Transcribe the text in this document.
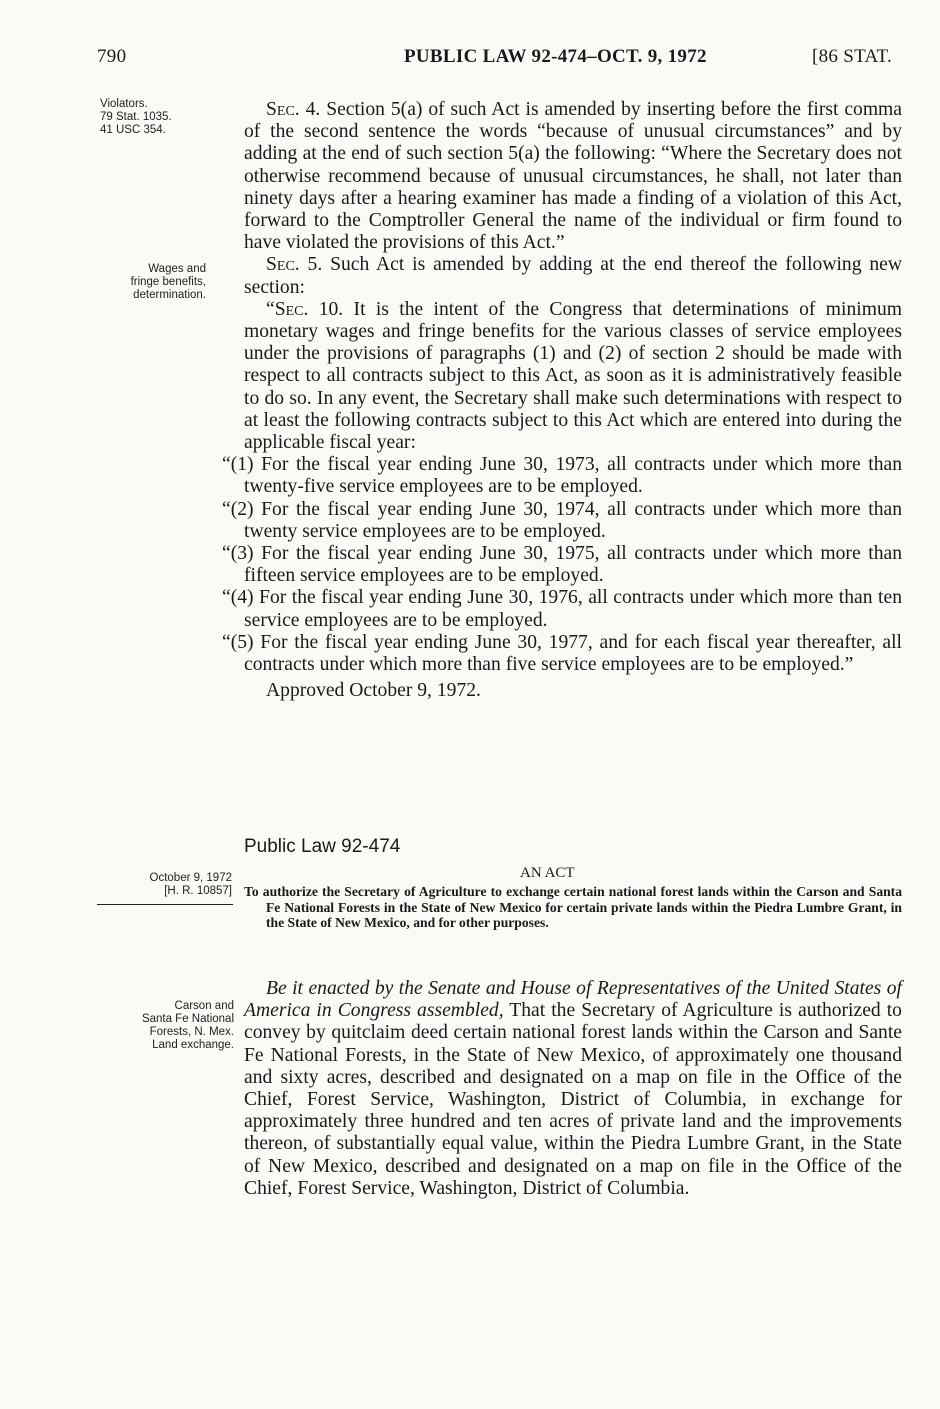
790	PUBLIC LAW 92-474–OCT. 9, 1972	[86 STAT.
Violators.
79 Stat. 1035.
41 USC 354.
Wages and
fringe benefits,
determination.

Sec. 4. Section 5(a) of such Act is amended by inserting before the first comma of the second sentence the words “because of unusual circumstances” and by adding at the end of such section 5(a) the following: “Where the Secretary does not otherwise recommend because of unusual circumstances, he shall, not later than ninety days after a hearing examiner has made a finding of a violation of this Act, forward to the Comptroller General the name of the individual or firm found to have violated the provisions of this Act.”

Sec. 5. Such Act is amended by adding at the end thereof the following new section:

“Sec. 10. It is the intent of the Congress that determinations of minimum monetary wages and fringe benefits for the various classes of service employees under the provisions of paragraphs (1) and (2) of section 2 should be made with respect to all contracts subject to this Act, as soon as it is administratively feasible to do so. In any event, the Secretary shall make such determinations with respect to at least the following contracts subject to this Act which are entered into during the applicable fiscal year:

“(1) For the fiscal year ending June 30, 1973, all contracts under which more than twenty-five service employees are to be employed.

“(2) For the fiscal year ending June 30, 1974, all contracts under which more than twenty service employees are to be employed.

“(3) For the fiscal year ending June 30, 1975, all contracts under which more than fifteen service employees are to be employed.

“(4) For the fiscal year ending June 30, 1976, all contracts under which more than ten service employees are to be employed.

“(5) For the fiscal year ending June 30, 1977, and for each fiscal year thereafter, all contracts under which more than five service employees are to be employed.”

Approved October 9, 1972.

Public Law 92-474
October 9, 1972
[H. R. 10857]
AN ACT
To authorize the Secretary of Agriculture to exchange certain national forest lands within the Carson and Santa Fe National Forests in the State of New Mexico for certain private lands within the Piedra Lumbre Grant, in the State of New Mexico, and for other purposes.
Carson and
Santa Fe National
Forests, N. Mex.
Land exchange.

Be it enacted by the Senate and House of Representatives of the United States of America in Congress assembled, That the Secretary of Agriculture is authorized to convey by quitclaim deed certain national forest lands within the Carson and Sante Fe National Forests, in the State of New Mexico, of approximately one thousand and sixty acres, described and designated on a map on file in the Office of the Chief, Forest Service, Washington, District of Columbia, in exchange for approximately three hundred and ten acres of private land and the improvements thereon, of substantially equal value, within the Piedra Lumbre Grant, in the State of New Mexico, described and designated on a map on file in the Office of the Chief, Forest Service, Washington, District of Columbia.
